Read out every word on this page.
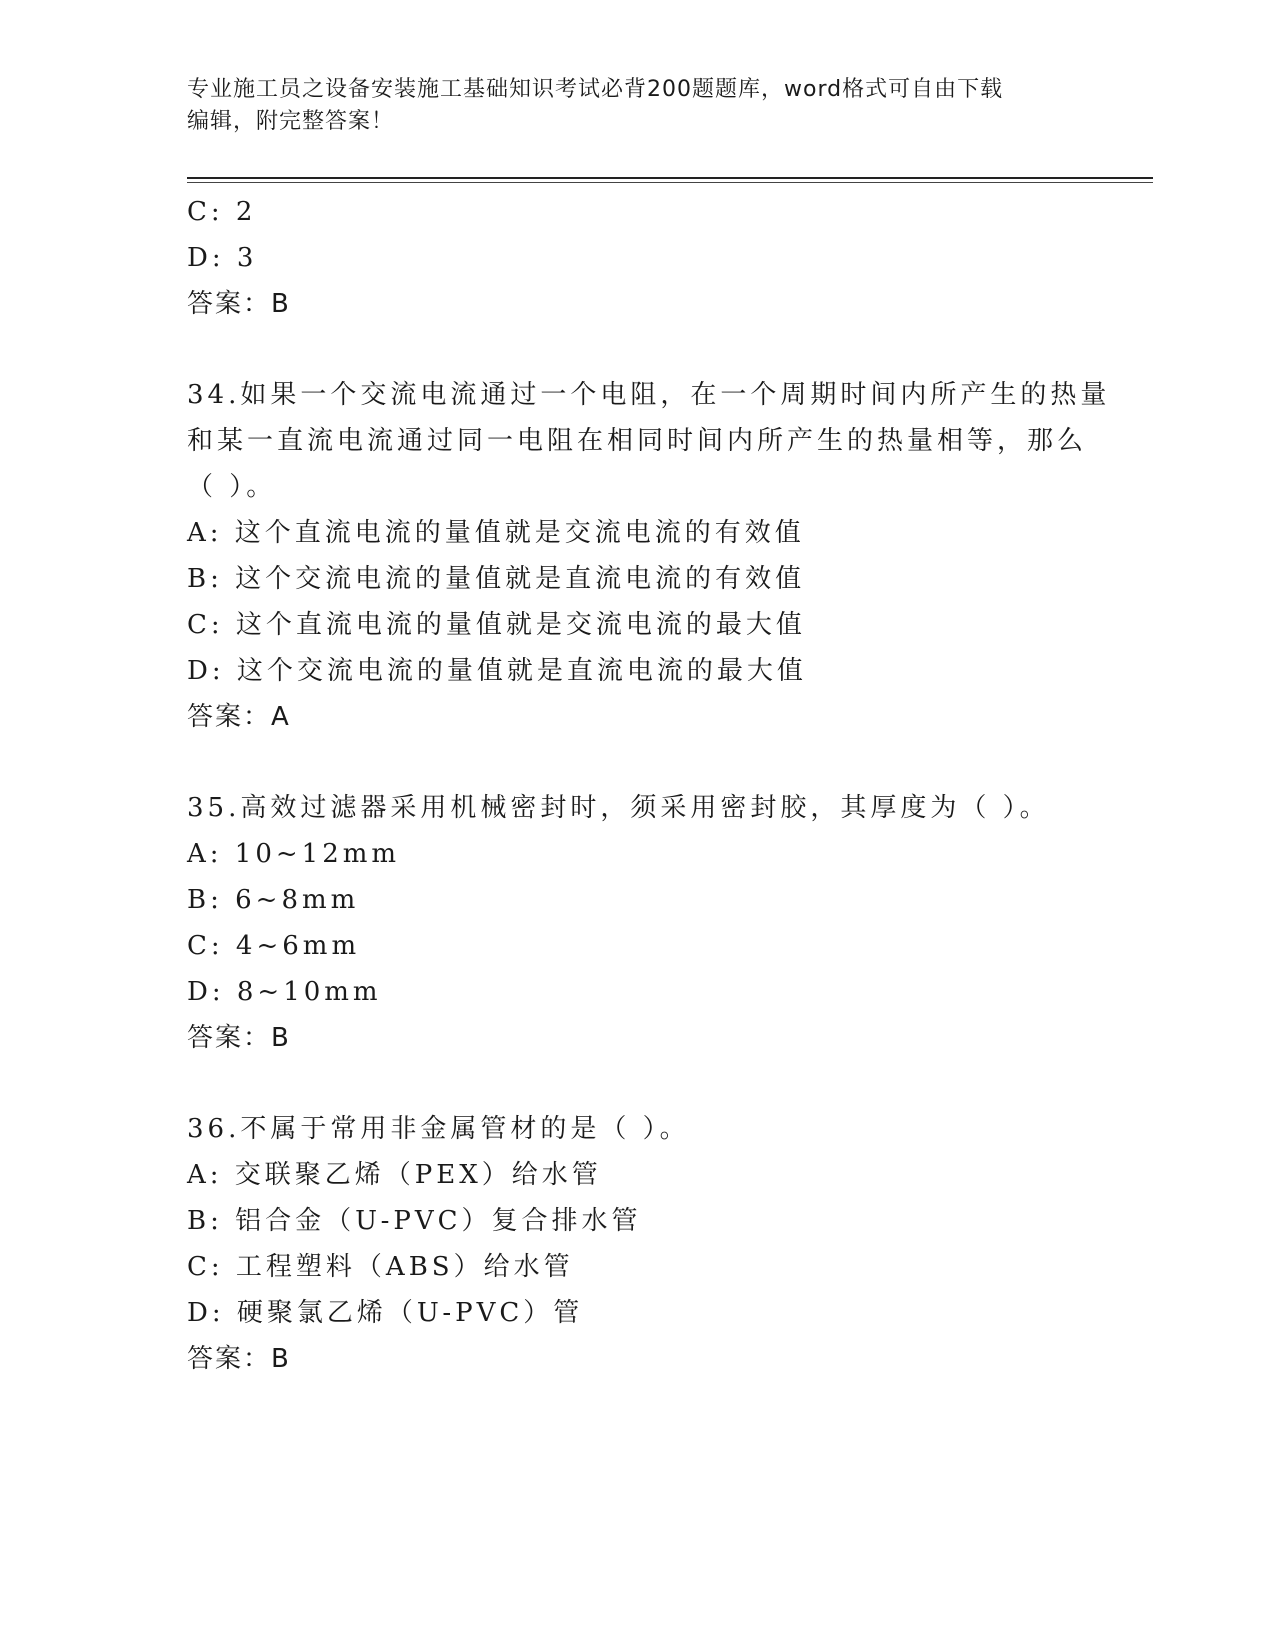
专业施工员之设备安装施工基础知识考试必背200题题库，word格式可自由下载
编辑，附完整答案！
C: 2
D: 3
答案：B
34.如果一个交流电流通过一个电阻，在一个周期时间内所产生的热量
和某一直流电流通过同一电阻在相同时间内所产生的热量相等，那么
（ ）。
A: 这个直流电流的量值就是交流电流的有效值
B: 这个交流电流的量值就是直流电流的有效值
C: 这个直流电流的量值就是交流电流的最大值
D: 这个交流电流的量值就是直流电流的最大值
答案：A
35.高效过滤器采用机械密封时，须采用密封胶，其厚度为（ ）。
A: 10~12mm
B: 6~8mm
C: 4~6mm
D: 8~10mm
答案：B
36.不属于常用非金属管材的是（ ）。
A: 交联聚乙烯（PEX）给水管
B: 铝合金（U-PVC）复合排水管
C: 工程塑料（ABS）给水管
D: 硬聚氯乙烯（U-PVC）管
答案：B
